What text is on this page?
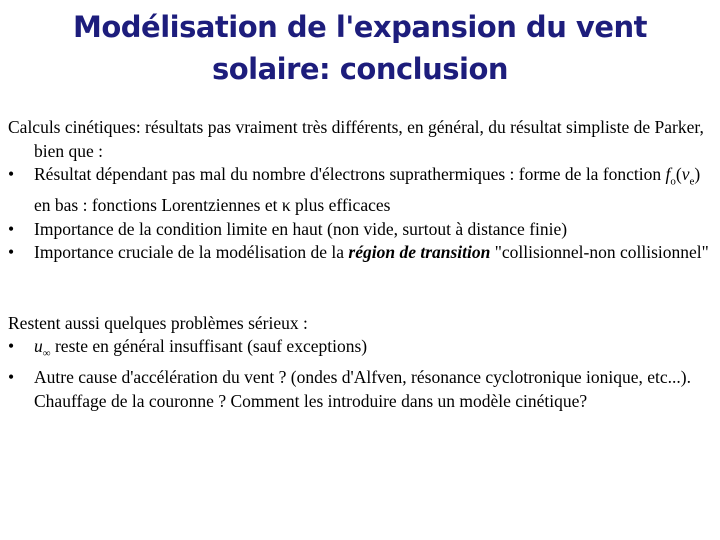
Modélisation de l'expansion du vent
solaire: conclusion

Calculs cinétiques: résultats pas vraiment très différents, en général, du résultat simpliste de Parker, bien que :

•	Résultat dépendant pas mal du nombre d'électrons suprathermiques : forme de la fonction $f_o(v_e)$ en bas : fonctions Lorentziennes et κ plus efficaces
•	Importance de la condition limite en haut (non vide, surtout à distance finie)
•	Importance cruciale de la modélisation de la région de transition "collisionnel-non collisionnel"

Restent aussi quelques problèmes sérieux :

•	$u_\infty$ reste en général insuffisant (sauf exceptions)
•	Autre cause d'accélération du vent ? (ondes d'Alfven, résonance cyclotronique ionique, etc...). Chauffage de la couronne ? Comment les introduire dans un modèle cinétique?
